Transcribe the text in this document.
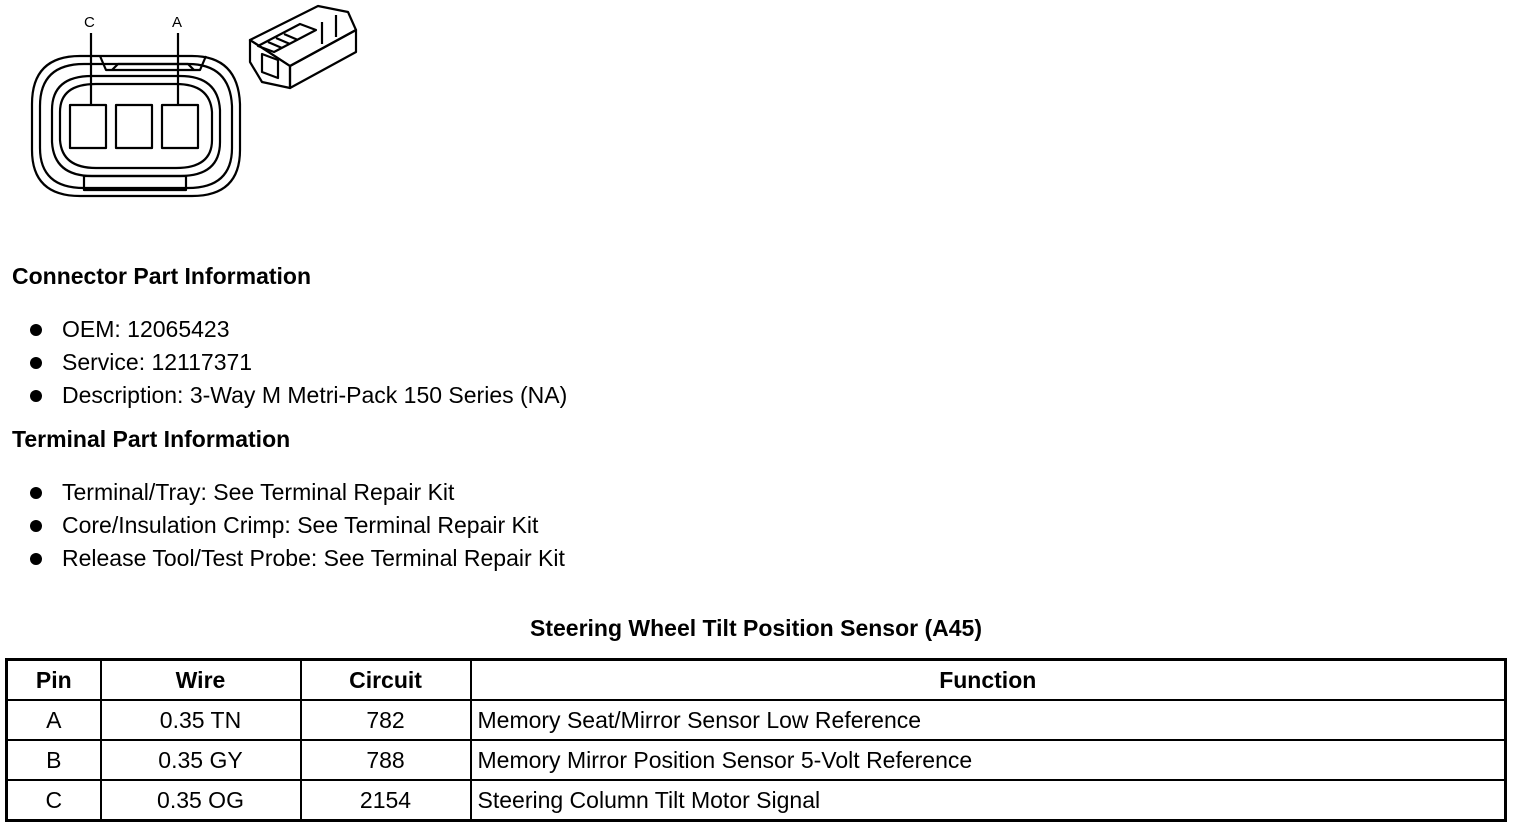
C	A
Connector Part Information
OEM: 12065423
Service: 12117371
Description: 3-Way M Metri-Pack 150 Series (NA)
Terminal Part Information
Terminal/Tray: See Terminal Repair Kit
Core/Insulation Crimp: See Terminal Repair Kit
Release Tool/Test Probe: See Terminal Repair Kit
Steering Wheel Tilt Position Sensor (A45)
Pin	Wire	Circuit	Function
A	0.35 TN	782	Memory Seat/Mirror Sensor Low Reference
B	0.35 GY	788	Memory Mirror Position Sensor 5-Volt Reference
C	0.35 OG	2154	Steering Column Tilt Motor Signal
